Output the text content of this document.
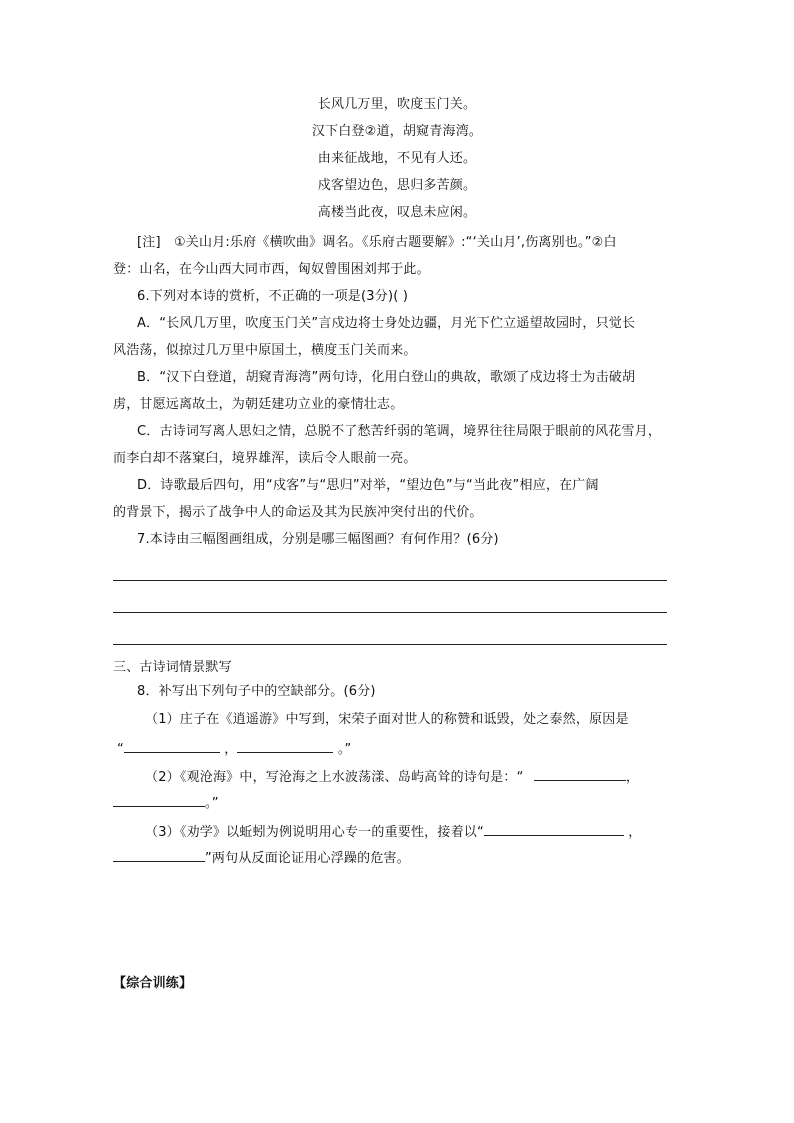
长风几万里，吹度玉门关。
汉下白登②道，胡窥青海湾。
由来征战地，不见有人还。
戍客望边色，思归多苦颜。
高楼当此夜，叹息未应闲。
[注]　①关山月:乐府《横吹曲》调名。《乐府古题要解》:“‘关山月’,伤离别也。”②白
登：山名，在今山西大同市西，匈奴曾围困刘邦于此。
6.下列对本诗的赏析，不正确的一项是(3分)( )
A．“长风几万里，吹度玉门关”言戍边将士身处边疆，月光下伫立遥望故园时，只觉长
风浩荡，似掠过几万里中原国土，横度玉门关而来。
B．“汉下白登道，胡窥青海湾”两句诗，化用白登山的典故，歌颂了戍边将士为击破胡
虏，甘愿远离故土，为朝廷建功立业的豪情壮志。
C．古诗词写离人思妇之情，总脱不了愁苦纤弱的笔调，境界往往局限于眼前的风花雪月，
而李白却不落窠臼，境界雄浑，读后令人眼前一亮。
D．诗歌最后四句，用“戍客”与“思归”对举，“望边色”与“当此夜”相应，在广阔
的背景下，揭示了战争中人的命运及其为民族冲突付出的代价。
7.本诗由三幅图画组成，分别是哪三幅图画？有何作用？(6分)
三、古诗词情景默写
8．补写出下列句子中的空缺部分。(6分)
（1）庄子在《逍遥游》中写到，宋荣子面对世人的称赞和诋毁，处之泰然，原因是
“	，	。”
（2）《观沧海》中，写沧海之上水波荡漾、岛屿高耸的诗句是：“	，
。”
（3）《劝学》以蚯蚓为例说明用心专一的重要性，接着以“	，
”两句从反面论证用心浮躁的危害。
【综合训练】
